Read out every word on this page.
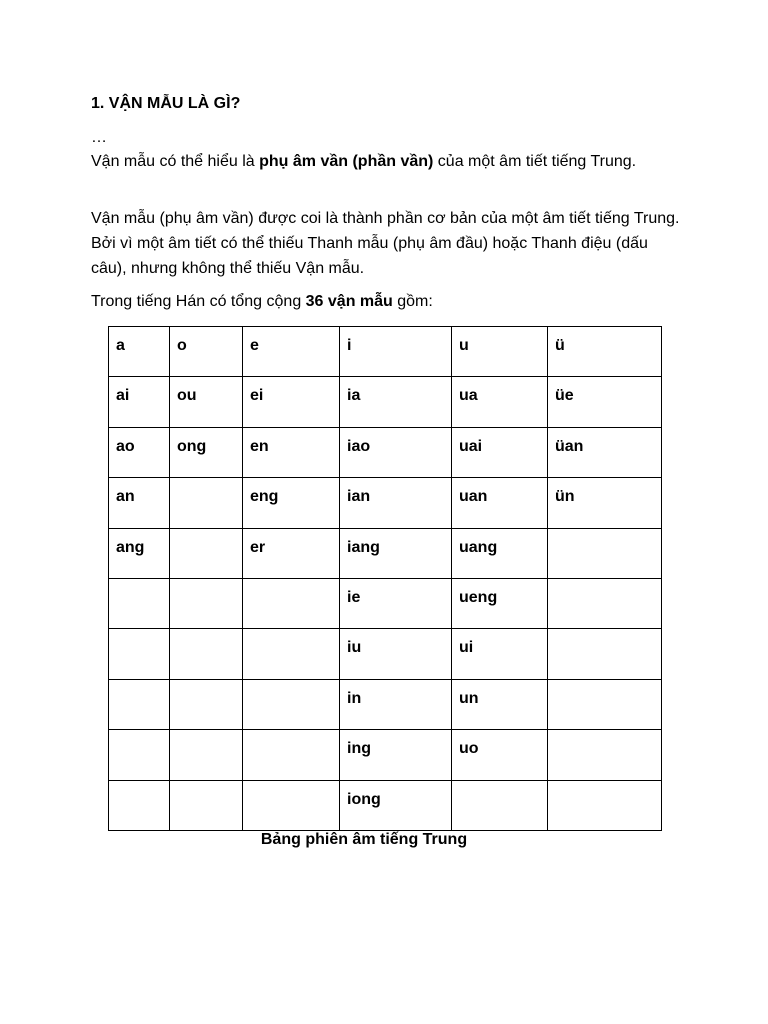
1. VẬN MẪU LÀ GÌ?
…

Vận mẫu có thể hiểu là phụ âm vần (phần vần) của một âm tiết tiếng Trung.

Vận mẫu (phụ âm vần) được coi là thành phần cơ bản của một âm tiết tiếng Trung. Bởi vì một âm tiết có thể thiếu Thanh mẫu (phụ âm đầu) hoặc Thanh điệu (dấu câu), nhưng không thể thiếu Vận mẫu.

Trong tiếng Hán có tổng cộng 36 vận mẫu gồm:

a	o	e	i	u	ü
ai	ou	ei	ia	ua	üe
ao	ong	en	iao	uai	üan
an		eng	ian	uan	ün
ang		er	iang	uang	
			ie	ueng	
			iu	ui	
			in	un	
			ing	uo	
			iong		
Bảng phiên âm tiếng Trung
